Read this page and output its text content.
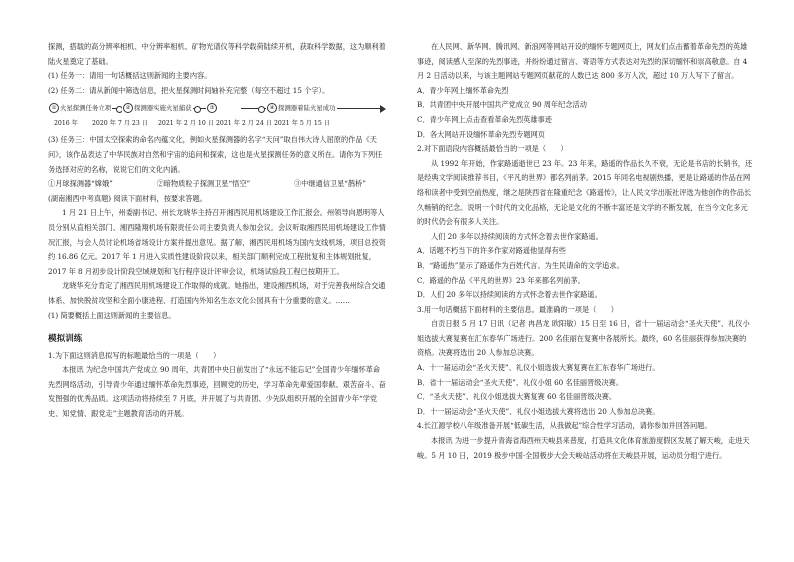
探测，搭载的高分辨率相机、中分辨率相机、矿物光谱仪等科学载荷陆续开机，获取科学数据，这为顺利着陆火星奠定了基础。

(1) 任务一：请用一句话概括这则新闻的主要内容。

(2) 任务二：请从新闻中筛选信息，把火星探测时间轴补充完整（每空不超过 15 个字）。

① 火星探测任务立项	② 探测器实施火星捕获	③	④ 探测器着陆火星成功
2016 年 2020 年 7 月 23 日 2021 年 2 月 10 日 2021 年 2 月 24 日 2021 年 5 月 15 日

(3) 任务三：中国太空探索的命名内蕴文化，例如火星探测器的名字“天问”取自伟大诗人屈原的作品《天问》，该作品表达了中华民族对自然和宇宙的追问和探索，这也是火星探测任务的意义所在。请你为下列任务选择对应的名称，说说它们的文化内涵。

①月球探测器“嫦娥”	②暗物质粒子探测卫星“悟空”	③中继通信卫星“鹊桥”

(湖南湘西中考真题) 阅读下面材料，按要求答题。

1 月 21 日上午，州委副书记、州长龙晓华主持召开湘西民用机场建设工作汇报会。州领导向恩明等人员分别从直相关部门、湘西隆翔机场有限责任公司主要负责人参加会议。会议听取湘西民用机场建设工作情况汇报，与会人员讨论机场省场设计方案并提出意见。据了解，湘西民用机场为国内支线机场，项目总投资约 16.86 亿元。2017 年 1 月进入实质性建设阶段以来，相关部门顺利完成工程批复和主体规划批复，2017 年 8 月初步设计阶段空域规划和飞行程序设计评审会议，机场试验段工程已按期开工。

龙晓华充分肯定了湘西民用机场建设工作取得的成就。她指出，建设湘西机场，对于完善我州综合交通体系、加快脱贫攻坚和全面小康进程、打造国内外知名生态文化公园具有十分重要的意义。……

(1) 简要概括上面这则新闻的主要信息。

模拟训练

1.为下面这则消息拟写的标题最恰当的一项是（　　）

本报讯 为纪念中国共产党成立 90 周年，共青团中央日前发出了“永远不能忘记”全国青少年缅怀革命先烈网络活动，引导青少年通过缅怀革命先烈事迹，回顾党的历史，学习革命先辈爱国奉献、艰苦奋斗、奋发图强的优秀品质。这项活动将持续至 7 月底，并开展了与共青团、少先队组织开展的全国青少年“学党史、知党情、跟党走”主题教育活动的开展。

在人民网、新华网、腾讯网、新浪网等网站开设的缅怀专题网页上，网友们点击蓄着革命先烈的英雄事迹，阅读感人至深的先烈事迹，并纷纷通过留言、寄语等方式表达对先烈的深切缅怀和崇高敬意。自 4 月 2 日活动以来，与该主题网站专题网页献花的人数已达 800 多万人次，超过 10 万人写下了留言。

A．青少年网上缅怀革命先烈

B．共青团中央开展中国共产党成立 90 周年纪念活动

C．青少年网上点击查看革命先烈英雄事迹

D．各大网站开设缅怀革命先烈专题网页

2.对下面语段内容概括最恰当的一项是（　　）

从 1992 年开始，作家路遥逝世已 23 年。23 年来，路遥的作品长久不衰，无论是书店的长销书，还是经典文学阅读推荐书目，《平凡的世界》都名列前茅。2015 年同名电视剧热播，更是让路遥的作品在网络和读者中受到空前热度，继之是陕西省在隆重纪念《路遥传》，让人民文学出版社评选为他创作的作品长久畅销的纪念。说明一个时代的文化品格，无论是文化的不断丰富还是文学的不断发展，在当今文化多元的时代仍会有很多人关注。

人们 20 多年以持续阅读的方式怀念着去世作家路遥。

A．话题不朽当下的许多作家对路遥他显得有些

B．“路遥热”显示了路遥作为百姓代言、为生民请命的文学追求。

C．路遥的作品《平凡的世界》23 年来都名列前茅。

D．人们 20 多年以持续阅读的方式怀念着去世作家路遥。

3.用一句话概括下面材料的主要信息。最准确的一项是（　　）

自贡日报 5 月 17 日讯（记者 冉昌龙 欧阳敏）15 日至 16 日，省十一届运动会“圣火天使”、礼仪小姐选拔大赛复赛在汇东春华广场进行。200 名佳丽在复赛中各展所长。最终，60 名佳丽获得参加决赛的资格。决赛将选出 20 人参加总决赛。

A．十一届运动会“圣火天使”、礼仪小姐选拔大赛复赛在汇东春华广场进行。

B．省十一届运动会“圣火天使”、礼仪小姐 60 名佳丽晋级决赛。

C．“圣火天使”、礼仪小姐选拔大赛复赛 60 名佳丽晋级决赛。

D．十一届运动会“圣火天使”、礼仪小姐选拔大赛将选出 20 人参加总决赛。

4.长江源学校八年级准备开展“低碳生活，从我做起”综合性学习活动，请你参加并回答问题。

本报讯 为进一步提升青海省海西州天峻县来普度，打造具文化体育旅游度假区发展了解天峻，走进天峻。5 月 10 日，2019 极步中国·全国极步大会天峻站活动将在天峻县开展，运动员分组宁进行。
